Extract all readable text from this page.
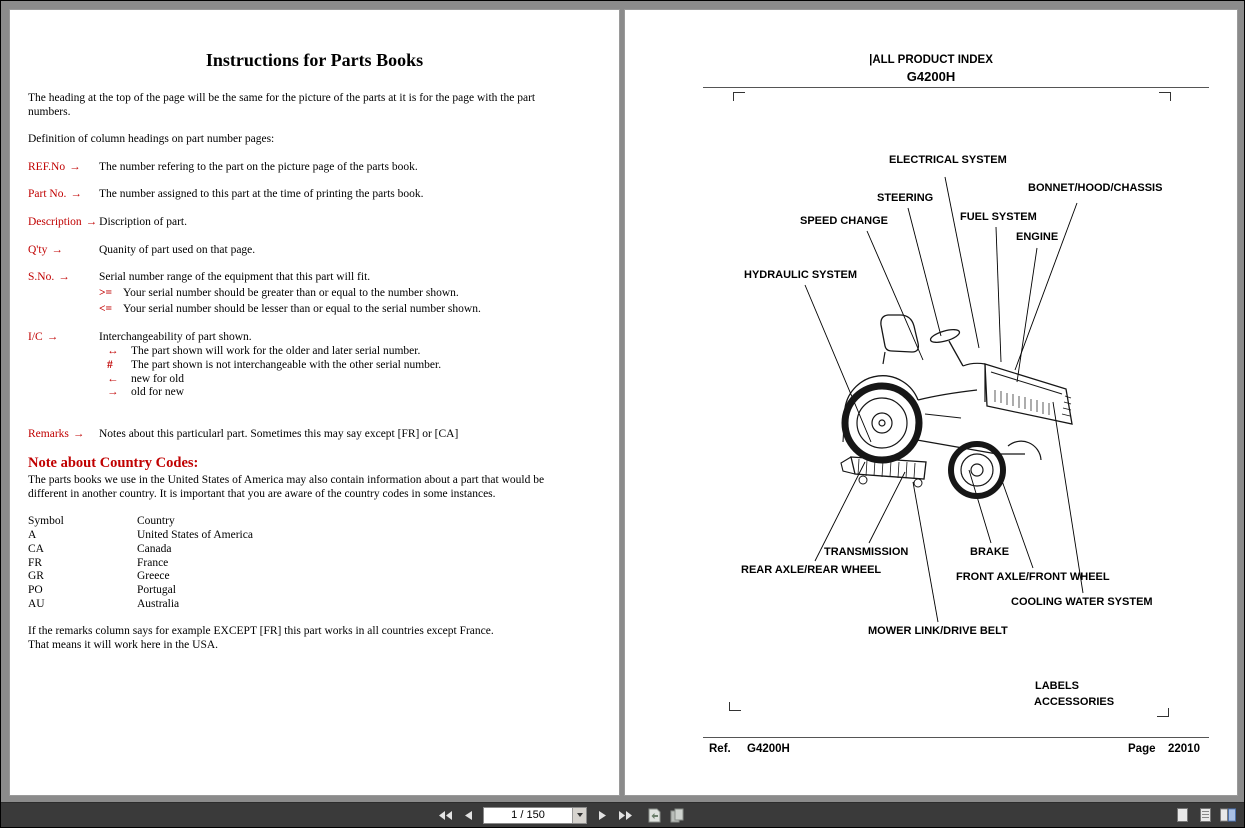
Instructions for Parts Books
The heading at the top of the page will be the same for the picture of the parts at it is for the page with the part numbers.
Definition of column headings on part number pages:
REF.No → The number refering to the part on the picture page of the parts book.
Part No. → The number assigned to this part at the time of printing the parts book.
Description → Discription of part.
Q'ty →	Quanity of part used on that page.
S.No. →	Serial number range of the equipment that this part will fit.
>= Your serial number should be greater than or equal to the number shown.
<= Your serial number should be lesser than or equal to the serial number shown.
I/C →	Interchangeability of part shown.
↔ The part shown will work for the older and later serial number.
# The part shown is not interchangeable with the other serial number.
← new for old
→ old for new
Remarks → Notes about this particularl part. Sometimes this may say except [FR] or [CA]
Note about Country Codes:
The parts books we use in the United States of America may also contain information about a part that would be different in another country. It is important that you are aware of the country codes in some instances.
Symbol	Country
A	United States of America
CA	Canada
FR	France
GR	Greece
PO	Portugal
AU	Australia
If the remarks column says for example EXCEPT [FR] this part works in all countries except France.
That means it will work here in the USA.
|ALL PRODUCT INDEX
G4200H
ELECTRICAL SYSTEM
BONNET/HOOD/CHASSIS
STEERING
FUEL SYSTEM
SPEED CHANGE
ENGINE
HYDRAULIC SYSTEM
TRANSMISSION	BRAKE
REAR AXLE/REAR WHEEL
FRONT AXLE/FRONT WHEEL
COOLING WATER SYSTEM
MOWER LINK/DRIVE BELT
LABELS
ACCESSORIES
Ref. G4200H	Page 22010
1 / 150
